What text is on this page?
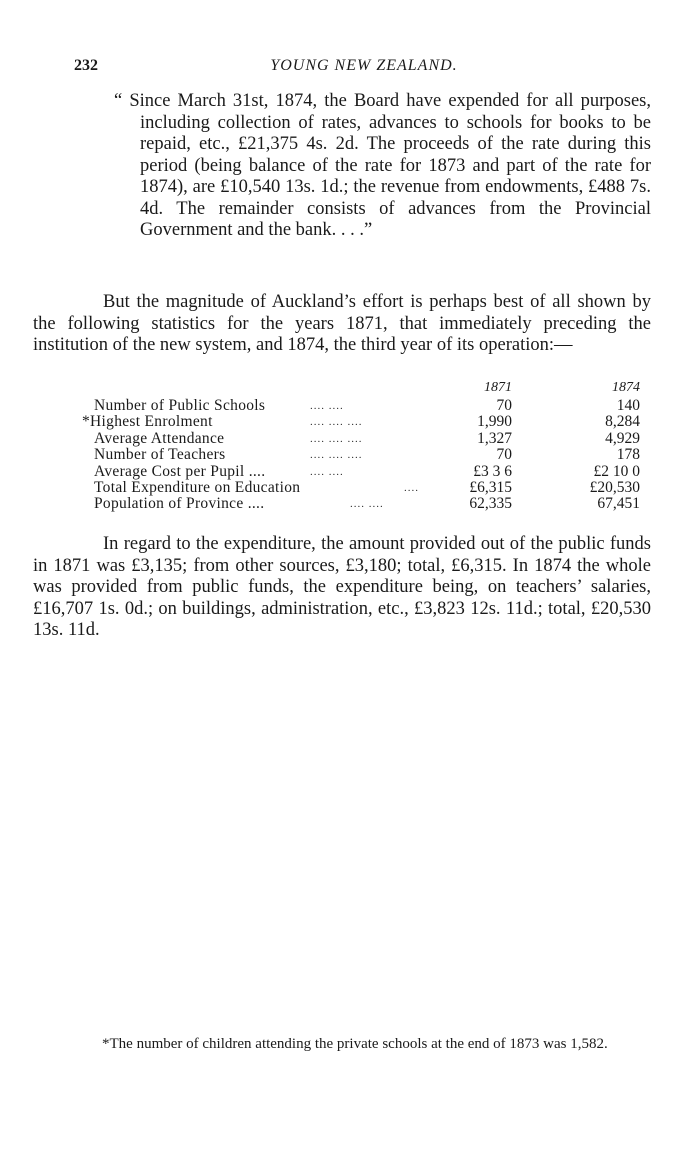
232	YOUNG NEW ZEALAND.

“ Since March 31st, 1874, the Board have expended for all purposes, including collection of rates, advances to schools for books to be repaid, etc., £21,375 4s. 2d. The proceeds of the rate during this period (being balance of the rate for 1873 and part of the rate for 1874), are £10,540 13s. 1d.; the revenue from endowments, £488 7s. 4d. The remainder consists of advances from the Provincial Government and the bank. . . .”

But the magnitude of Auckland’s effort is perhaps best of all shown by the following statistics for the years 1871, that immediately preceding the institution of the new system, and 1874, the third year of its operation:—

1871	1874
Number of Public Schools	.... ....	70	140
*Highest Enrolment	.... .... ....	1,990	8,284
Average Attendance	.... .... ....	1,327	4,929
Number of Teachers	.... .... ....	70	178
Average Cost per Pupil ....	.... ....	£3 3 6	£2 10 0
Total Expenditure on Education	....	£6,315	£20,530
Population of Province ....	.... ....	62,335	67,451

In regard to the expenditure, the amount provided out of the public funds in 1871 was £3,135; from other sources, £3,180; total, £6,315. In 1874 the whole was provided from public funds, the expenditure being, on teachers’ salaries, £16,707 1s. 0d.; on buildings, administration, etc., £3,823 12s. 11d.; total, £20,530 13s. 11d.

*The number of children attending the private schools at the end of 1873 was 1,582.
